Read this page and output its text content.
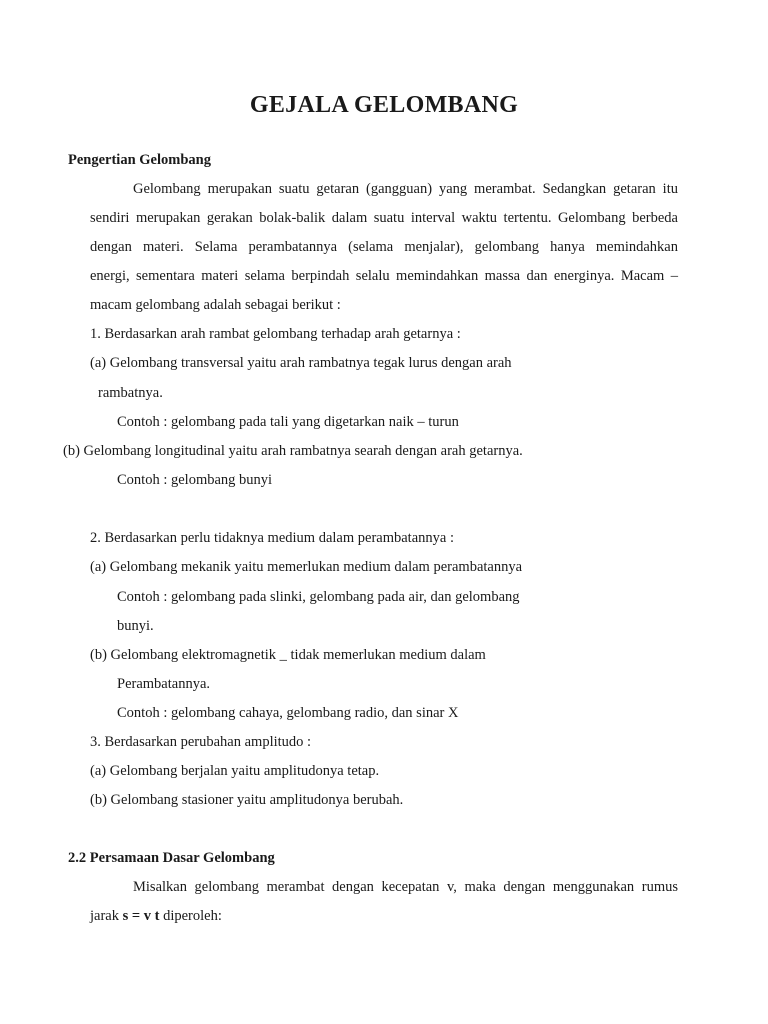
GEJALA GELOMBANG
Pengertian Gelombang
Gelombang merupakan suatu getaran (gangguan) yang merambat. Sedangkan getaran itu
sendiri merupakan gerakan bolak-balik dalam suatu interval waktu tertentu. Gelombang berbeda
dengan materi. Selama perambatannya (selama menjalar), gelombang hanya memindahkan
energi, sementara materi selama berpindah selalu memindahkan massa dan energinya. Macam –
macam gelombang adalah sebagai berikut :
1. Berdasarkan arah rambat gelombang terhadap arah getarnya :
(a) Gelombang transversal yaitu arah rambatnya tegak lurus dengan arah
rambatnya.
Contoh : gelombang pada tali yang digetarkan naik – turun
(b) Gelombang longitudinal yaitu arah rambatnya searah dengan arah getarnya.
Contoh : gelombang bunyi
2. Berdasarkan perlu tidaknya medium dalam perambatannya :
(a) Gelombang mekanik yaitu memerlukan medium dalam perambatannya
Contoh : gelombang pada slinki, gelombang pada air, dan gelombang
bunyi.
(b) Gelombang elektromagnetik _ tidak memerlukan medium dalam
Perambatannya.
Contoh : gelombang cahaya, gelombang radio, dan sinar X
3. Berdasarkan perubahan amplitudo :
(a) Gelombang berjalan yaitu amplitudonya tetap.
(b) Gelombang stasioner yaitu amplitudonya berubah.
2.2 Persamaan Dasar Gelombang
Misalkan gelombang merambat dengan kecepatan v, maka dengan menggunakan rumus
jarak s = v t diperoleh:
